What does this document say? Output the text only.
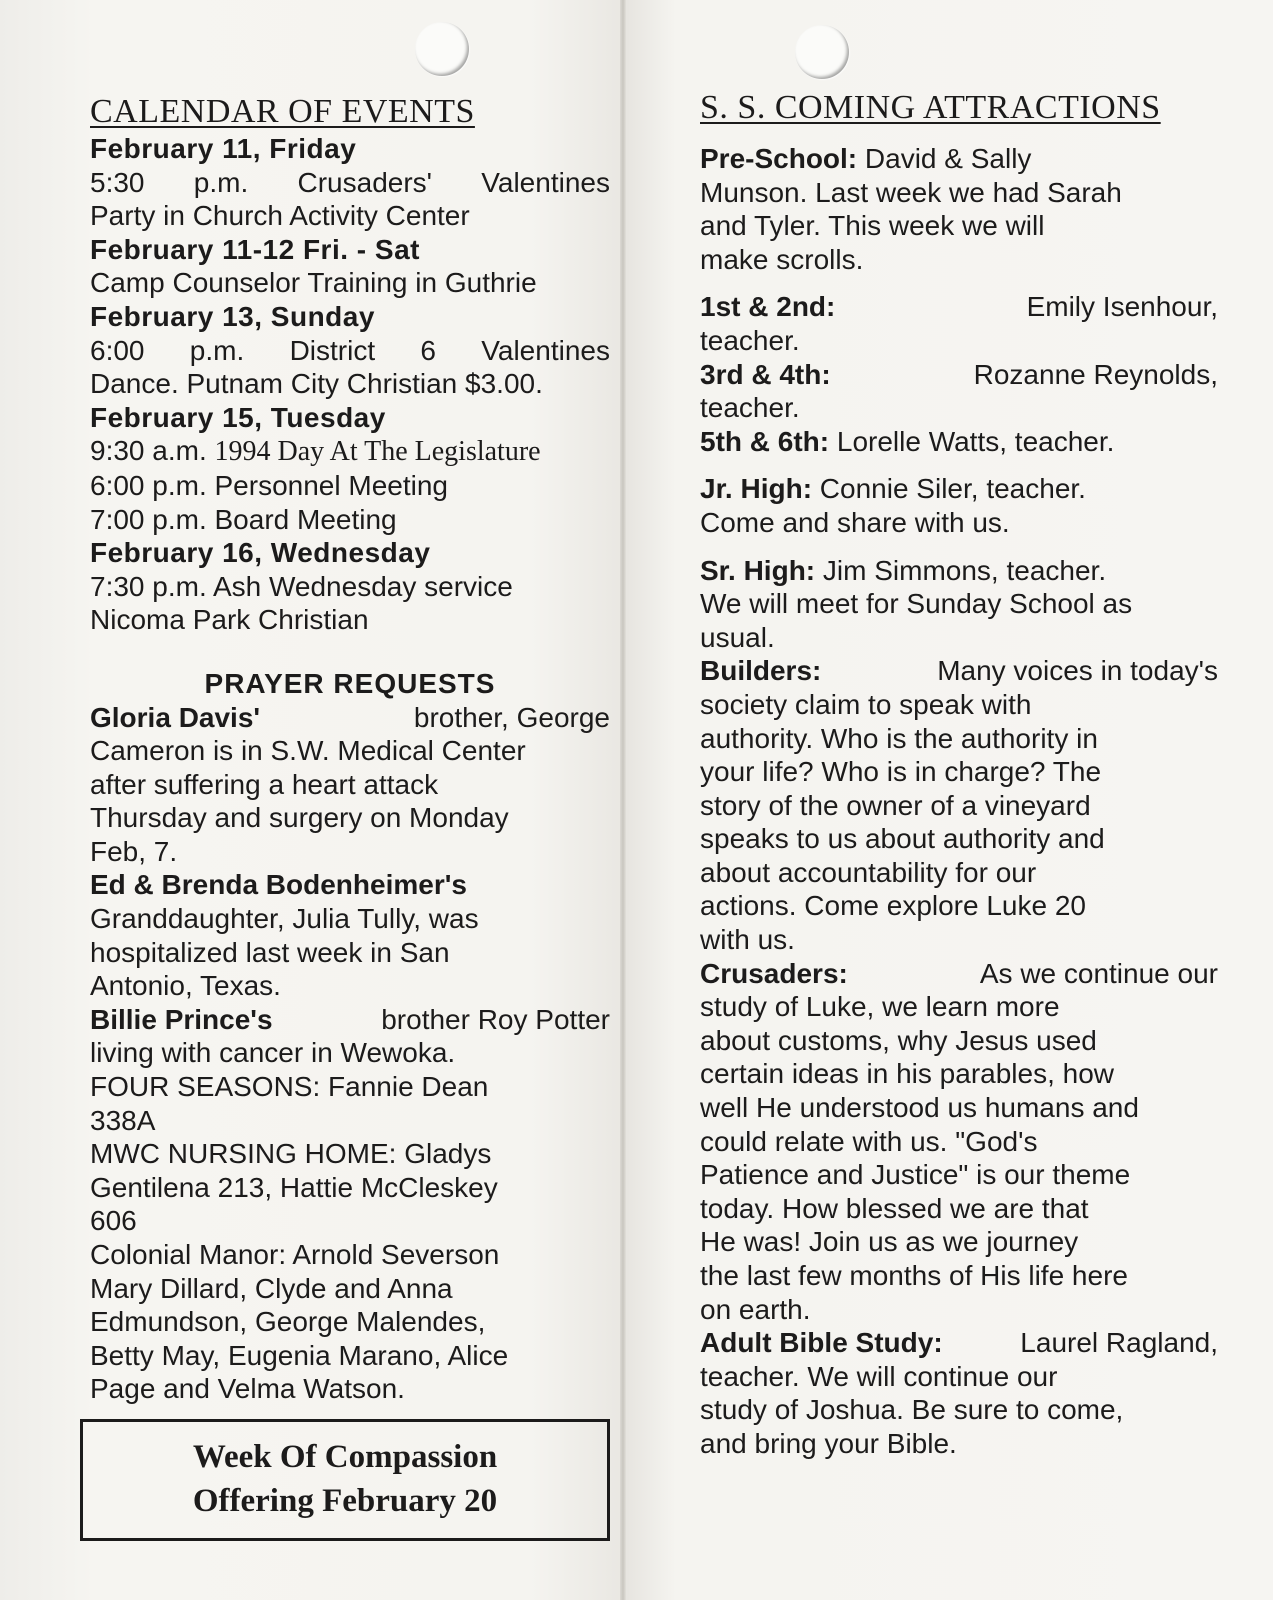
CALENDAR OF EVENTS
February 11, Friday
5:30 p.m. Crusaders' Valentines
Party in Church Activity Center
February 11-12 Fri. - Sat
Camp Counselor Training in Guthrie
February 13, Sunday
6:00 p.m. District 6 Valentines
Dance. Putnam City Christian $3.00.
February 15, Tuesday
9:30 a.m. 1994 Day At The Legislature
6:00 p.m. Personnel Meeting
7:00 p.m. Board Meeting
February 16, Wednesday
7:30 p.m. Ash Wednesday service
Nicoma Park Christian
PRAYER REQUESTS
Gloria Davis'	brother, George
Cameron is in S.W. Medical Center
after suffering a heart attack
Thursday and surgery on Monday
Feb, 7.
Ed & Brenda Bodenheimer's
Granddaughter, Julia Tully, was
hospitalized last week in San
Antonio, Texas.
Billie Prince's	brother Roy Potter
living with cancer in Wewoka.
FOUR SEASONS: Fannie Dean
338A
MWC NURSING HOME: Gladys
Gentilena 213, Hattie McCleskey
606
Colonial Manor: Arnold Severson
Mary Dillard, Clyde and Anna
Edmundson, George Malendes,
Betty May, Eugenia Marano, Alice
Page and Velma Watson.
Week Of Compassion
Offering February 20
S. S. COMING ATTRACTIONS
Pre-School: David & Sally
Munson. Last week we had Sarah
and Tyler. This week we will
make scrolls.
1st & 2nd:	Emily Isenhour,
teacher.
3rd & 4th:	Rozanne Reynolds,
teacher.
5th & 6th: Lorelle Watts, teacher.
Jr. High: Connie Siler, teacher.
Come and share with us.
Sr. High: Jim Simmons, teacher.
We will meet for Sunday School as
usual.
Builders:	Many voices in today's
society claim to speak with
authority. Who is the authority in
your life? Who is in charge? The
story of the owner of a vineyard
speaks to us about authority and
about accountability for our
actions. Come explore Luke 20
with us.
Crusaders:	As we continue our
study of Luke, we learn more
about customs, why Jesus used
certain ideas in his parables, how
well He understood us humans and
could relate with us. "God's
Patience and Justice" is our theme
today. How blessed we are that
He was! Join us as we journey
the last few months of His life here
on earth.
Adult Bible Study:	Laurel Ragland,
teacher. We will continue our
study of Joshua. Be sure to come,
and bring your Bible.
